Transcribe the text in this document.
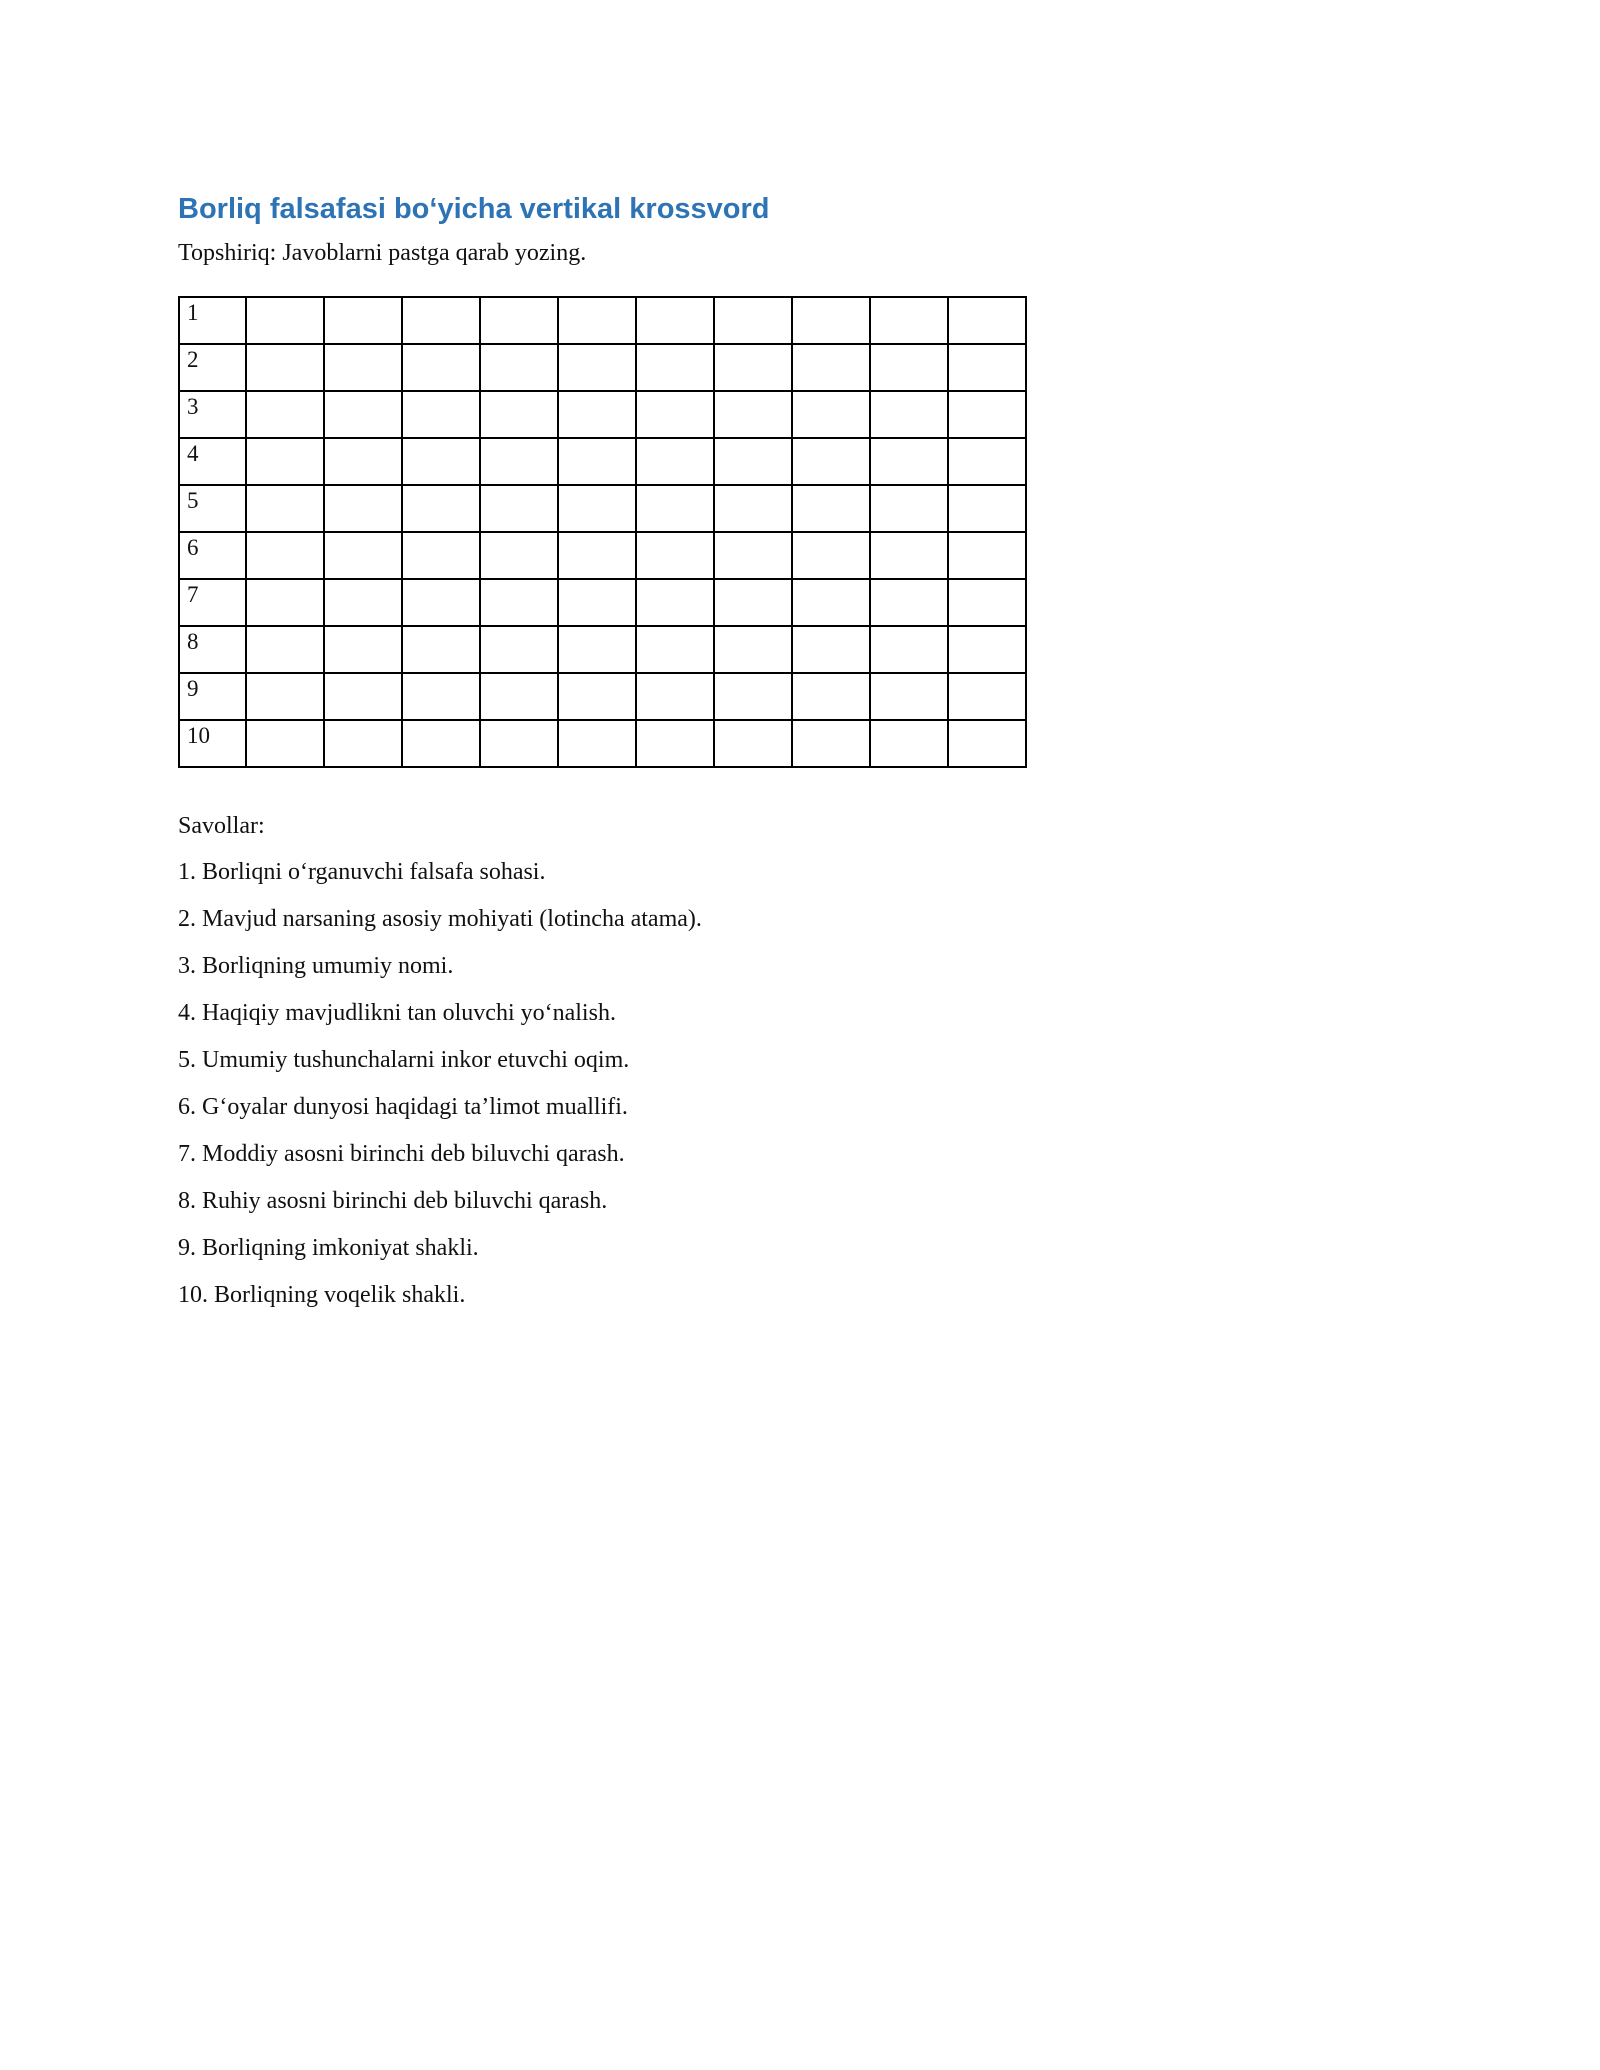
Borliq falsafasi bo‘yicha vertikal krossvord

Topshiriq: Javoblarni pastga qarab yozing.

1										
2										
3										
4										
5										
6										
7										
8										
9										
10										

Savollar:

1. Borliqni o‘rganuvchi falsafa sohasi.

2. Mavjud narsaning asosiy mohiyati (lotincha atama).

3. Borliqning umumiy nomi.

4. Haqiqiy mavjudlikni tan oluvchi yo‘nalish.

5. Umumiy tushunchalarni inkor etuvchi oqim.

6. G‘oyalar dunyosi haqidagi ta’limot muallifi.

7. Moddiy asosni birinchi deb biluvchi qarash.

8. Ruhiy asosni birinchi deb biluvchi qarash.

9. Borliqning imkoniyat shakli.

10. Borliqning voqelik shakli.
